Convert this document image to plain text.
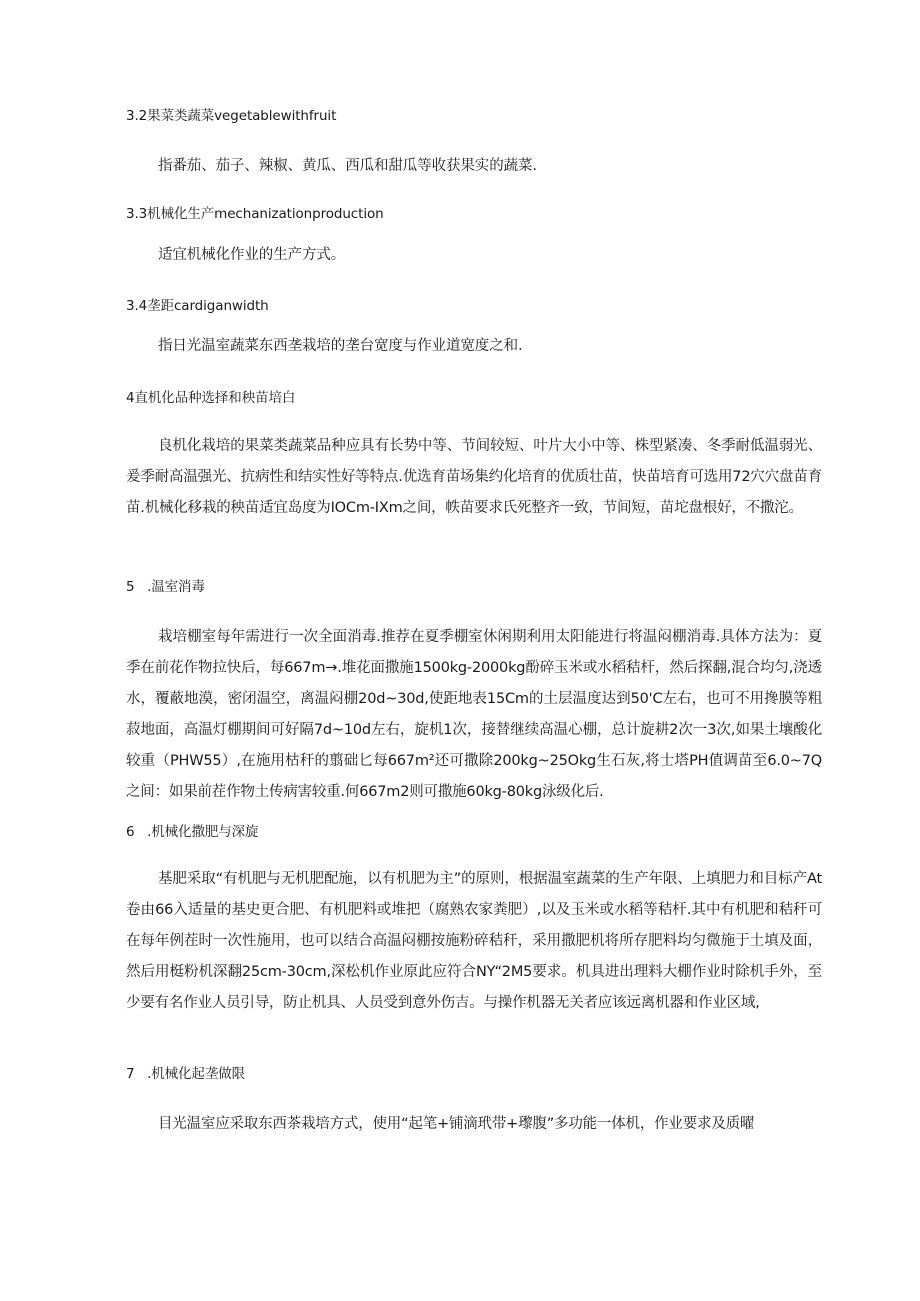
3.2果菜类蔬菜vegetablewithfruit
指番茄、茄子、辣椒、黄瓜、西瓜和甜瓜等收获果实的蔬菜.
3.3机械化生产mechanizationproduction
适宜机械化作业的生产方式。
3.4垄距cardiganwidth
指日光温室蔬菜东西垄栽培的垄台宽度与作业道宽度之和.
4直机化品种选择和秧苗培白

良机化栽培的果菜类蔬菜品种应具有长势中等、节间较短、叶片大小中等、株型紧凑、冬季耐低温弱光、爰季耐高温强光、抗病性和结实性好等特点.优选育苗场集约化培育的优质壮苗，快苗培育可选用72穴穴盘苗育苗.机械化移栽的秧苗适宜岛度为IOCm-IXm之间，帙苗要求氏死整齐一致，节间短，苗坨盘根好，不撒沱。

5   .温室消毒

栽培棚室每年需进行一次全面消毒.推荐在夏季棚室休闲期利用太阳能进行将温闷棚消毒.具体方法为：夏季在前花作物拉快后，每667m→.堆花面撒施1500kg-2000kg酚碎玉米或水稻秸杆，然后探翻,混合均匀,浇透水，覆蔽地漠，密闭温空，离温闷棚20d~30d,使距地表15Cm的土层温度达到50'C左右，也可不用搀膜等粗菽地面，高温灯棚期间可好隔7d~10d左右，旋机1次，接替继续高温心棚，总计旋耕2次一3次,如果土壤酸化较重（PHW55）,在施用枯秆的翦础匕每667m²还可撒除200kg~25Okg生石灰,将士塔PH值调苗至6.0~7Q之间：如果前茬作物土传病害较重.何667m2则可撒施60kg-80kg泳级化后.

6   .机械化撒肥与深旋

基肥采取“有机肥与无机肥配施，以有机肥为主”的原则，根据温室蔬菜的生产年限、上填肥力和目标产At卷由66入适量的基史更合肥、有机肥料或堆把（腐熟农家粪肥）,以及玉米或水稻等秸杆.其中有机肥和秸秆可在每年例茬时一次性施用，也可以结合高温闷棚按施粉碎秸秆，采用撒肥机将所存肥料均匀微施于土填及面，然后用梃粉机深翻25cm-30cm,深松机作业原此应符合NY“2M5要求。机具进出理料大棚作业时除机手外，至少要有名作业人员引导，防止机具、人员受到意外伤吉。与操作机器无关者应该远离机器和作业区域,

7   .机械化起垄做限

目光温室应采取东西茶栽培方式，使用“起笔+铺滴玳带+瓈腹”多功能一体机，作业要求及质曜
